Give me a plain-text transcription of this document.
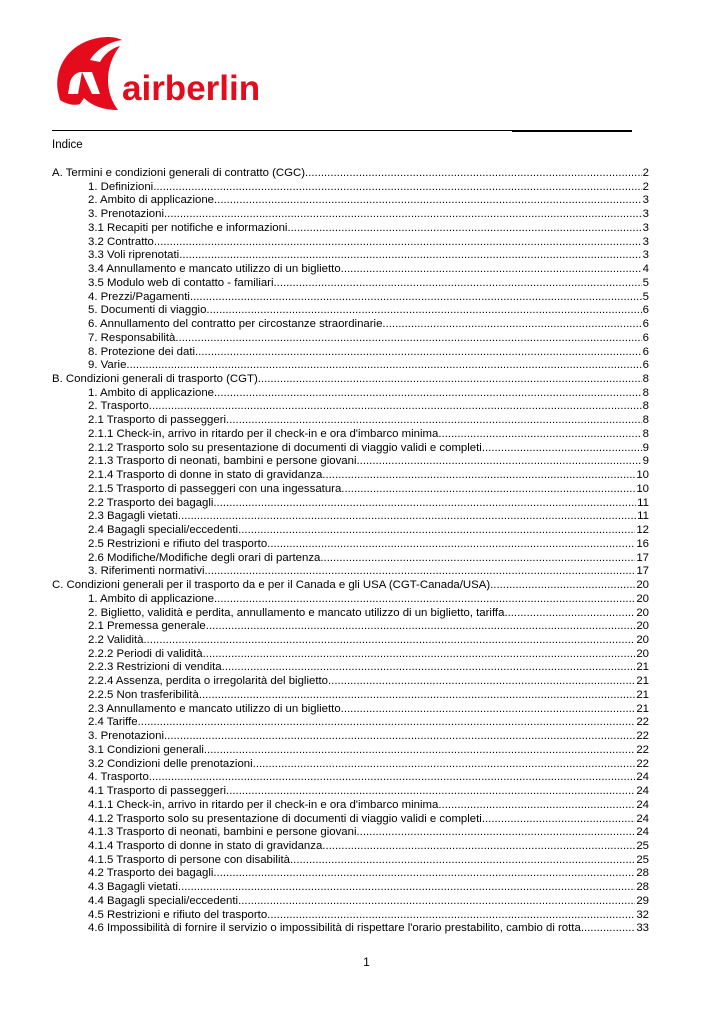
airberlin
Indice
A. Termini e condizioni generali di contratto (CGC) .....	2
1. Definizioni .....	2
2. Ambito di applicazione .....	3
3. Prenotazioni .....	3
3.1 Recapiti per notifiche e informazioni .....	3
3.2 Contratto .....	3
3.3 Voli riprenotati .....	3
3.4 Annullamento e mancato utilizzo di un biglietto .....	4
3.5 Modulo web di contatto - familiari .....	5
4. Prezzi/Pagamenti .....	5
5. Documenti di viaggio .....	6
6. Annullamento del contratto per circostanze straordinarie .....	6
7. Responsabilità .....	6
8. Protezione dei dati .....	6
9. Varie .....	6
B. Condizioni generali di trasporto (CGT) .....	8
1. Ambito di applicazione .....	8
2. Trasporto .....	8
2.1 Trasporto di passeggeri .....	8
2.1.1 Check-in, arrivo in ritardo per il check-in e ora d'imbarco minima .....	8
2.1.2 Trasporto solo su presentazione di documenti di viaggio validi e completi .....	9
2.1.3 Trasporto di neonati, bambini e persone giovani .....	9
2.1.4 Trasporto di donne in stato di gravidanza .....	10
2.1.5 Trasporto di passeggeri con una ingessatura .....	10
2.2 Trasporto dei bagagli .....	11
2.3 Bagagli vietati .....	11
2.4 Bagagli speciali/eccedenti .....	12
2.5 Restrizioni e rifiuto del trasporto .....	16
2.6 Modifiche/Modifiche degli orari di partenza .....	17
3. Riferimenti normativi .....	17
C. Condizioni generali per il trasporto da e per il Canada e gli USA (CGT-Canada/USA) .....	20
1. Ambito di applicazione .....	20
2. Biglietto, validità e perdita, annullamento e mancato utilizzo di un biglietto, tariffa .....	20
2.1 Premessa generale .....	20
2.2 Validità .....	20
2.2.2 Periodi di validità .....	20
2.2.3 Restrizioni di vendita .....	21
2.2.4 Assenza, perdita o irregolarità del biglietto .....	21
2.2.5 Non trasferibilità .....	21
2.3 Annullamento e mancato utilizzo di un biglietto .....	21
2.4 Tariffe .....	22
3. Prenotazioni .....	22
3.1 Condizioni generali .....	22
3.2 Condizioni delle prenotazioni .....	22
4. Trasporto .....	24
4.1 Trasporto di passeggeri .....	24
4.1.1 Check-in, arrivo in ritardo per il check-in e ora d'imbarco minima .....	24
4.1.2 Trasporto solo su presentazione di documenti di viaggio validi e completi .....	24
4.1.3 Trasporto di neonati, bambini e persone giovani .....	24
4.1.4 Trasporto di donne in stato di gravidanza .....	25
4.1.5 Trasporto di persone con disabilità .....	25
4.2 Trasporto dei bagagli .....	28
4.3 Bagagli vietati .....	28
4.4 Bagagli speciali/eccedenti .....	29
4.5 Restrizioni e rifiuto del trasporto .....	32
4.6 Impossibilità di fornire il servizio o impossibilità di rispettare l'orario prestabilito, cambio di rotta .....	33
1
